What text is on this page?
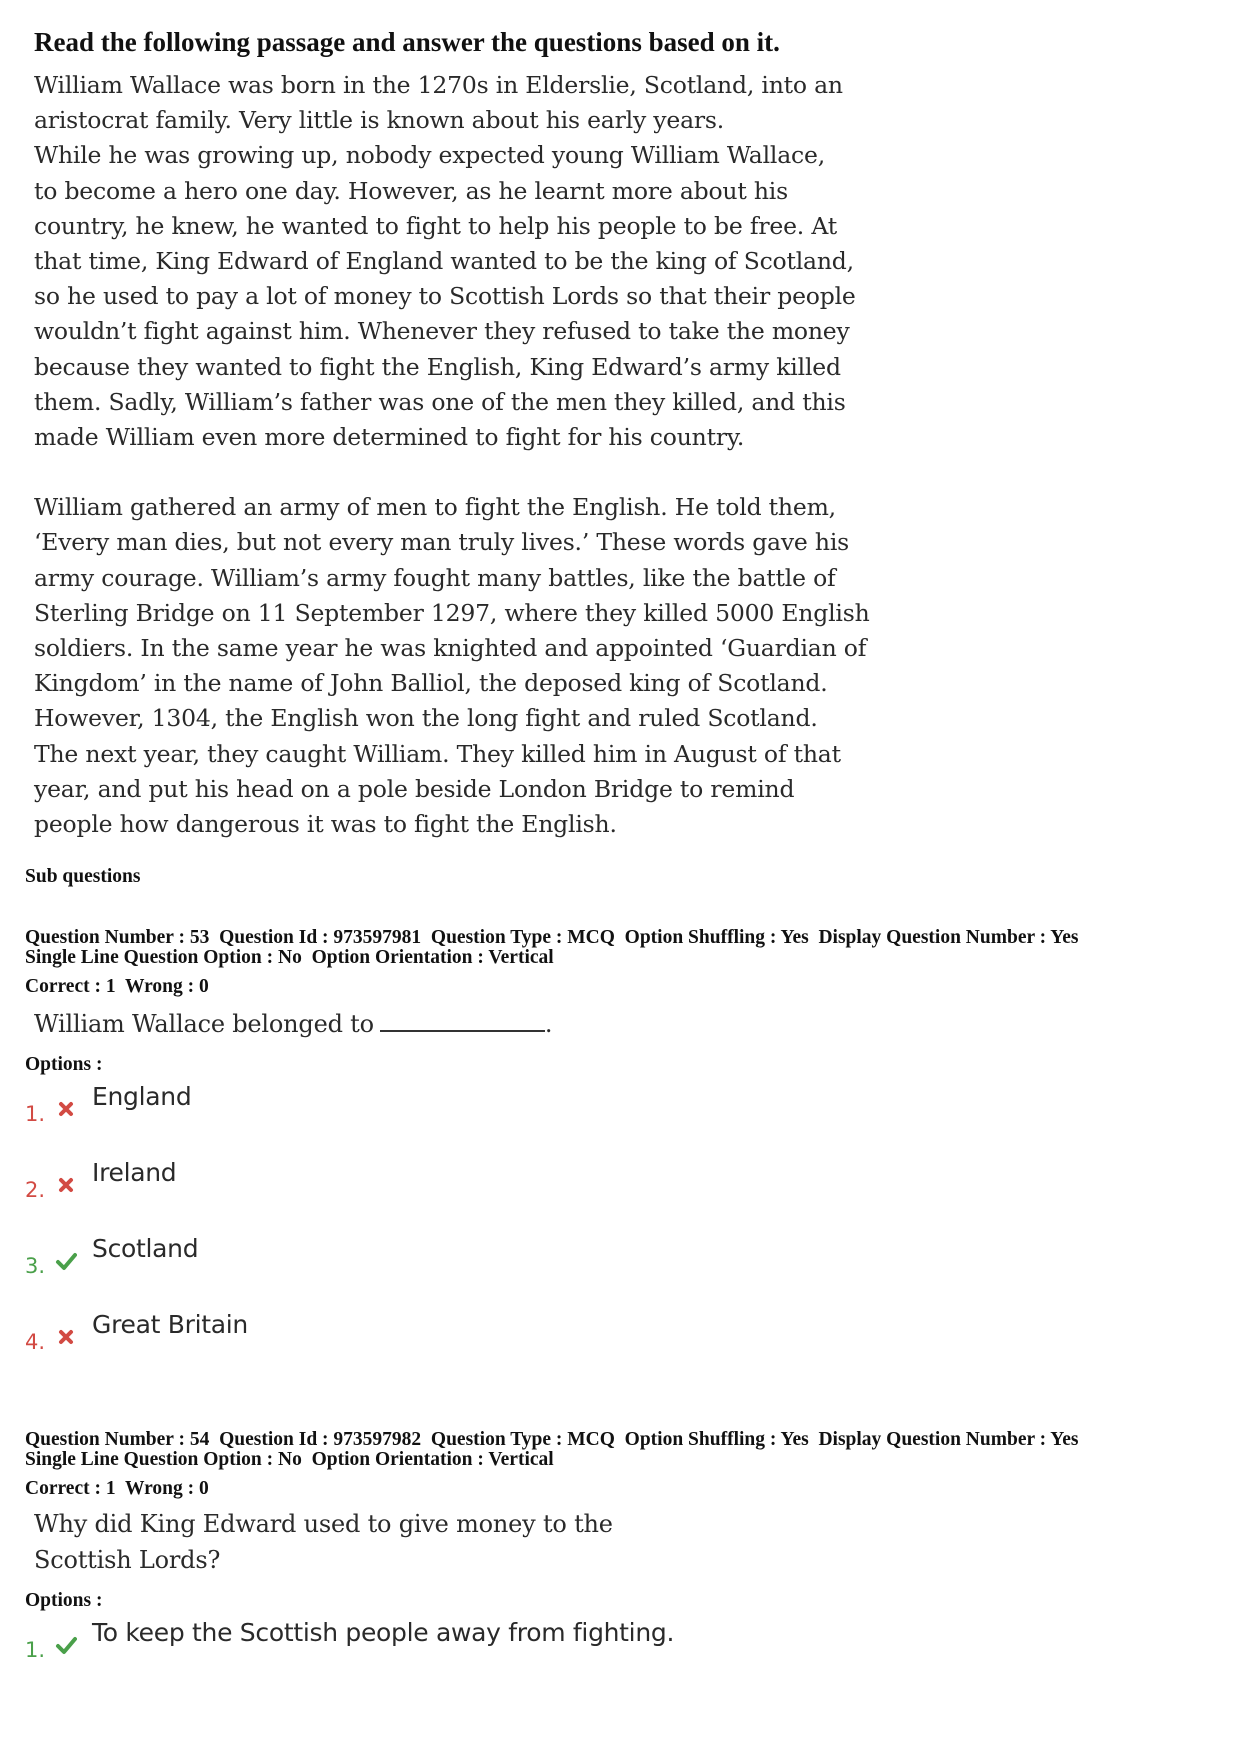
Read the following passage and answer the questions based on it.
William Wallace was born in the 1270s in Elderslie, Scotland, into an
aristocrat family. Very little is known about his early years.
While he was growing up, nobody expected young William Wallace,
to become a hero one day. However, as he learnt more about his
country, he knew, he wanted to fight to help his people to be free. At
that time, King Edward of England wanted to be the king of Scotland,
so he used to pay a lot of money to Scottish Lords so that their people
wouldn’t fight against him. Whenever they refused to take the money
because they wanted to fight the English, King Edward’s army killed
them. Sadly, William’s father was one of the men they killed, and this
made William even more determined to fight for his country.
William gathered an army of men to fight the English. He told them,
‘Every man dies, but not every man truly lives.’ These words gave his
army courage. William’s army fought many battles, like the battle of
Sterling Bridge on 11 September 1297, where they killed 5000 English
soldiers. In the same year he was knighted and appointed ‘Guardian of
Kingdom’ in the name of John Balliol, the deposed king of Scotland.
However, 1304, the English won the long fight and ruled Scotland.
The next year, they caught William. They killed him in August of that
year, and put his head on a pole beside London Bridge to remind
people how dangerous it was to fight the English.
Sub questions
Question Number : 53  Question Id : 973597981  Question Type : MCQ  Option Shuffling : Yes  Display Question Number : Yes
Single Line Question Option : No  Option Orientation : Vertical
Correct : 1  Wrong : 0
William Wallace belonged to	.
Options :
1.
England
2.
Ireland
3.
Scotland
4.
Great Britain
Question Number : 54  Question Id : 973597982  Question Type : MCQ  Option Shuffling : Yes  Display Question Number : Yes
Single Line Question Option : No  Option Orientation : Vertical
Correct : 1  Wrong : 0
Why did King Edward used to give money to the
Scottish Lords?
Options :
1.
To keep the Scottish people away from fighting.
